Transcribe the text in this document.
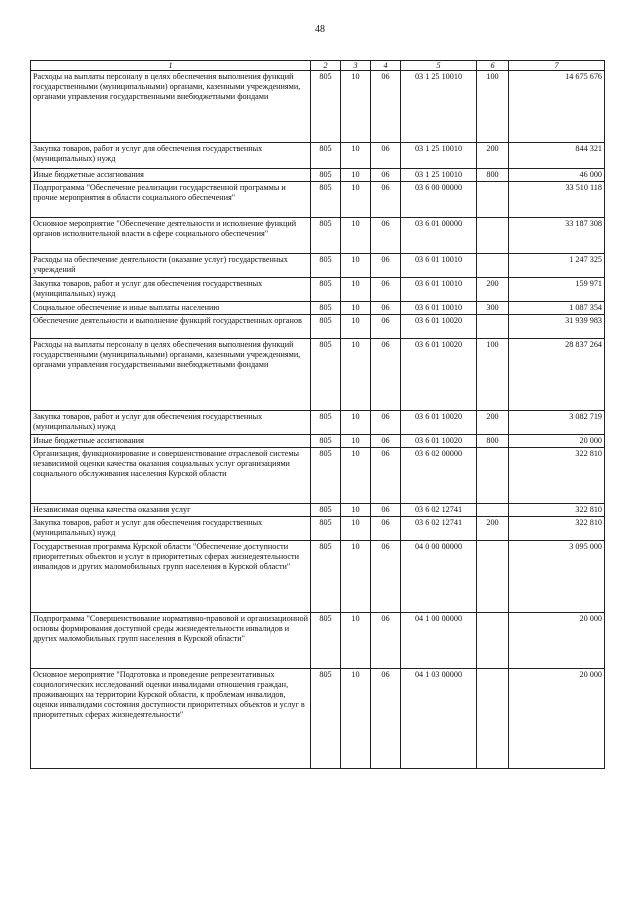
48
1	2	3	4	5	6	7
Расходы на выплаты персоналу в целях обеспечения выполнения функций государственными (муниципальными) органами, казенными учреждениями, органами управления государственными внебюджетными фондами	805	10	06	03 1 25 10010	100	14 675 676
Закупка товаров, работ и услуг для обеспечения государственных (муниципальных) нужд	805	10	06	03 1 25 10010	200	844 321
Иные бюджетные ассигнования	805	10	06	03 1 25 10010	800	46 000
Подпрограмма "Обеспечение реализации государственной программы и прочие мероприятия в области социального обеспечения"	805	10	06	03 6 00 00000		33 510 118
Основное мероприятие "Обеспечение деятельности и исполнение функций органов исполнительной власти в сфере социального обеспечения"	805	10	06	03 6 01 00000		33 187 308
Расходы на обеспечение деятельности (оказание услуг) государственных учреждений	805	10	06	03 6 01 10010		1 247 325
Закупка товаров, работ и услуг для обеспечения государственных (муниципальных) нужд	805	10	06	03 6 01 10010	200	159 971
Социальное обеспечение и иные выплаты населению	805	10	06	03 6 01 10010	300	1 087 354
Обеспечение деятельности и выполнение функций государственных органов	805	10	06	03 6 01 10020		31 939 983
Расходы на выплаты персоналу в целях обеспечения выполнения функций государственными (муниципальными) органами, казенными учреждениями, органами управления государственными внебюджетными фондами	805	10	06	03 6 01 10020	100	28 837 264
Закупка товаров, работ и услуг для обеспечения государственных (муниципальных) нужд	805	10	06	03 6 01 10020	200	3 082 719
Иные бюджетные ассигнования	805	10	06	03 6 01 10020	800	20 000
Организация, функционирование и совершенствование отраслевой системы независимой оценки качества оказания социальных услуг организациями социального обслуживания населения Курской области	805	10	06	03 6 02 00000		322 810
Независимая оценка качества оказания услуг	805	10	06	03 6 02 12741		322 810
Закупка товаров, работ и услуг для обеспечения государственных (муниципальных) нужд	805	10	06	03 6 02 12741	200	322 810
Государственная программа Курской области "Обеспечение доступности приоритетных объектов и услуг в приоритетных сферах жизнедеятельности инвалидов и других маломобильных групп населения в Курской области"	805	10	06	04 0 00 00000		3 095 000
Подпрограмма "Совершенствование нормативно-правовой и организационной основы формирования доступной среды жизнедеятельности инвалидов и других маломобильных групп населения в Курской области"	805	10	06	04 1 00 00000		20 000
Основное мероприятие "Подготовка и проведение репрезентативных социологических исследований оценки инвалидами отношения граждан, проживающих на территории Курской области, к проблемам инвалидов, оценки инвалидами состояния доступности приоритетных объектов и услуг в приоритетных сферах жизнедеятельности"	805	10	06	04 1 03 00000		20 000
